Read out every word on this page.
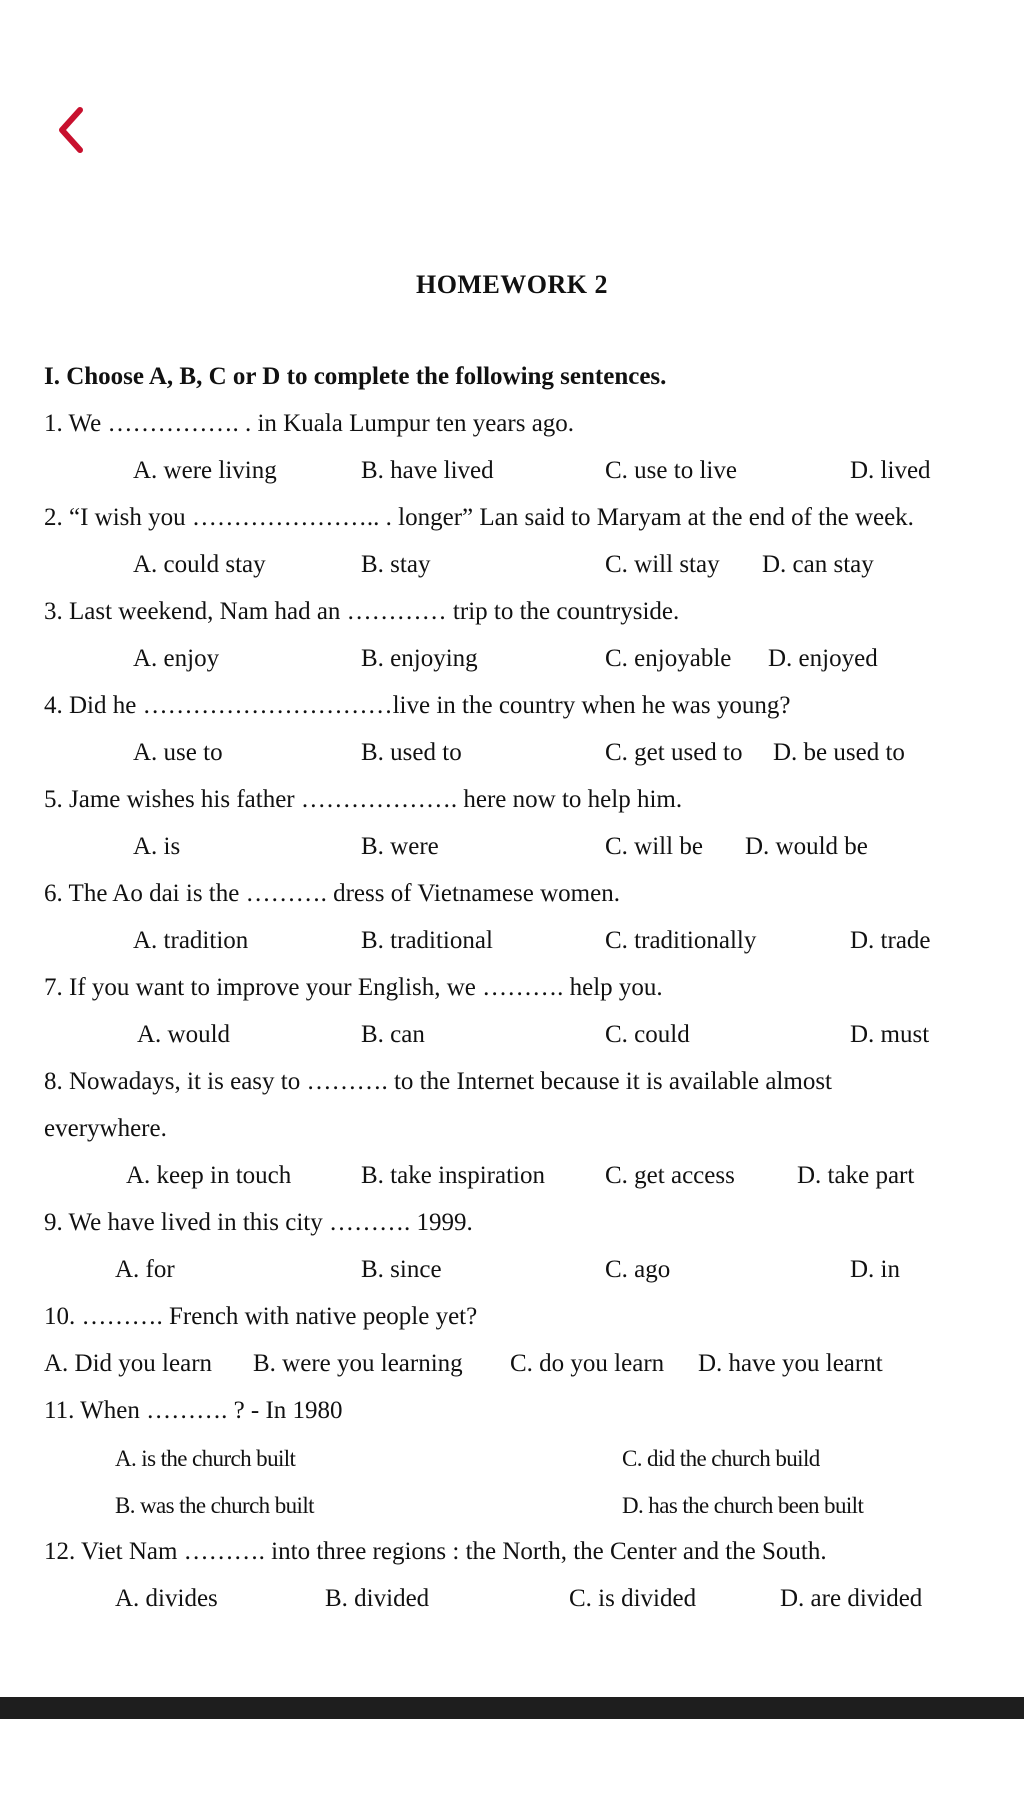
HOMEWORK 2
I. Choose A, B, C or D to complete the following sentences.
1. We ……………. . in Kuala Lumpur ten years ago.
A. were living	B. have lived	C. use to live	D. lived
2. “I wish you ………………….. . longer” Lan said to Maryam at the end of the week.
A. could stay	B. stay	C. will stay D. can stay
3. Last weekend, Nam had an ………… trip to the countryside.
A. enjoy	B. enjoying	C. enjoyable D. enjoyed
4. Did he …………………………live in the country when he was young?
A. use to	B. used to	C. get used to D. be used to
5. Jame wishes his father ………………. here now to help him.
A. is	B. were	C. will be D. would be
6. The Ao dai is the ………. dress of Vietnamese women.
A. tradition	B. traditional	C. traditionally	D. trade
7. If you want to improve your English, we ………. help you.
A. would	B. can	C. could	D. must
8. Nowadays, it is easy to ………. to the Internet because it is available almost
everywhere.
A. keep in touch	B. take inspiration C. get access D. take part
9. We have lived in this city ………. 1999.
A. for	B. since	C. ago	D. in
10. ………. French with native people yet?
A. Did you learn B. were you learning C. do you learn D. have you learnt
11. When ………. ? - In 1980
A. is the church built	C. did the church build
B. was the church built	D. has the church been built
12. Viet Nam ………. into three regions : the North, the Center and the South.
A. divides	B. divided	C. is divided	D. are divided
